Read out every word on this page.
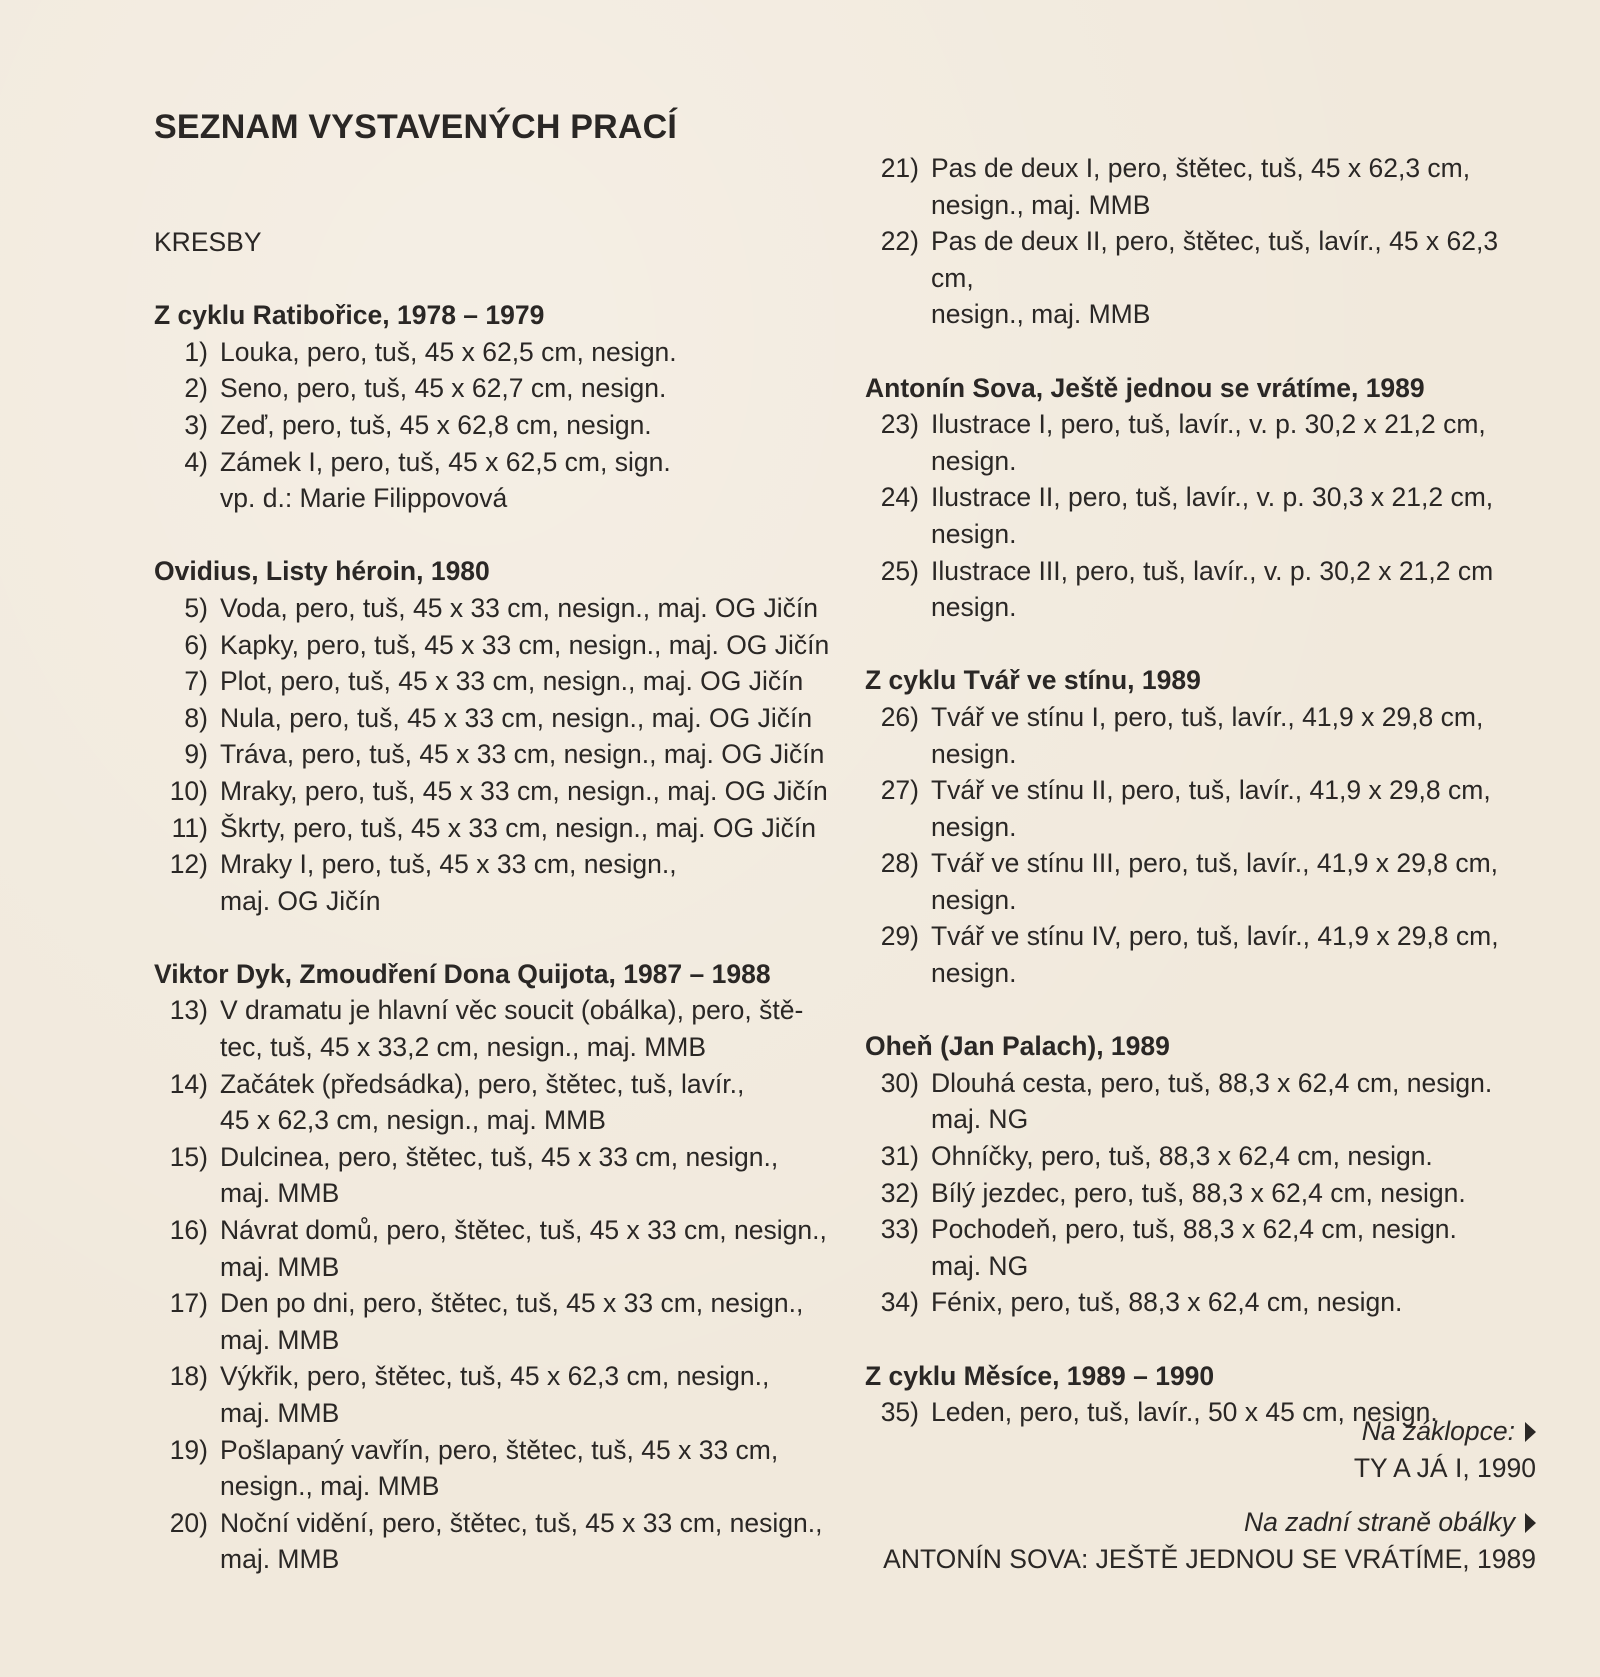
SEZNAM VYSTAVENÝCH PRACÍ
KRESBY
Z cyklu Ratibořice, 1978 – 1979
1) Louka, pero, tuš, 45 x 62,5 cm, nesign.
2) Seno, pero, tuš, 45 x 62,7 cm, nesign.
3) Zeď, pero, tuš, 45 x 62,8 cm, nesign.
4) Zámek I, pero, tuš, 45 x 62,5 cm, sign.
vp. d.: Marie Filippovová
Ovidius, Listy héroin, 1980
5) Voda, pero, tuš, 45 x 33 cm, nesign., maj. OG Jičín
6) Kapky, pero, tuš, 45 x 33 cm, nesign., maj. OG Jičín
7) Plot, pero, tuš, 45 x 33 cm, nesign., maj. OG Jičín
8) Nula, pero, tuš, 45 x 33 cm, nesign., maj. OG Jičín
9) Tráva, pero, tuš, 45 x 33 cm, nesign., maj. OG Jičín
10) Mraky, pero, tuš, 45 x 33 cm, nesign., maj. OG Jičín
11) Škrty, pero, tuš, 45 x 33 cm, nesign., maj. OG Jičín
12) Mraky I, pero, tuš, 45 x 33 cm, nesign.,
maj. OG Jičín
Viktor Dyk, Zmoudření Dona Quijota, 1987 – 1988
13) V dramatu je hlavní věc soucit (obálka), pero, ště-
tec, tuš, 45 x 33,2 cm, nesign., maj. MMB
14) Začátek (předsádka), pero, štětec, tuš, lavír.,
45 x 62,3 cm, nesign., maj. MMB
15) Dulcinea, pero, štětec, tuš, 45 x 33 cm, nesign.,
maj. MMB
16) Návrat domů, pero, štětec, tuš, 45 x 33 cm, nesign.,
maj. MMB
17) Den po dni, pero, štětec, tuš, 45 x 33 cm, nesign.,
maj. MMB
18) Výkřik, pero, štětec, tuš, 45 x 62,3 cm, nesign.,
maj. MMB
19) Pošlapaný vavřín, pero, štětec, tuš, 45 x 33 cm,
nesign., maj. MMB
20) Noční vidění, pero, štětec, tuš, 45 x 33 cm, nesign.,
maj. MMB
21) Pas de deux I, pero, štětec, tuš, 45 x 62,3 cm,
nesign., maj. MMB
22) Pas de deux II, pero, štětec, tuš, lavír., 45 x 62,3 cm,
nesign., maj. MMB
Antonín Sova, Ještě jednou se vrátíme, 1989
23) Ilustrace I, pero, tuš, lavír., v. p. 30,2 x 21,2 cm,
nesign.
24) Ilustrace II, pero, tuš, lavír., v. p. 30,3 x 21,2 cm,
nesign.
25) Ilustrace III, pero, tuš, lavír., v. p. 30,2 x 21,2 cm
nesign.
Z cyklu Tvář ve stínu, 1989
26) Tvář ve stínu I, pero, tuš, lavír., 41,9 x 29,8 cm,
nesign.
27) Tvář ve stínu II, pero, tuš, lavír., 41,9 x 29,8 cm,
nesign.
28) Tvář ve stínu III, pero, tuš, lavír., 41,9 x 29,8 cm,
nesign.
29) Tvář ve stínu IV, pero, tuš, lavír., 41,9 x 29,8 cm,
nesign.
Oheň (Jan Palach), 1989
30) Dlouhá cesta, pero, tuš, 88,3 x 62,4 cm, nesign.
maj. NG
31) Ohníčky, pero, tuš, 88,3 x 62,4 cm, nesign.
32) Bílý jezdec, pero, tuš, 88,3 x 62,4 cm, nesign.
33) Pochodeň, pero, tuš, 88,3 x 62,4 cm, nesign.
maj. NG
34) Fénix, pero, tuš, 88,3 x 62,4 cm, nesign.
Z cyklu Měsíce, 1989 – 1990
35) Leden, pero, tuš, lavír., 50 x 45 cm, nesign.
Na záklopce:
TY A JÁ I, 1990
Na zadní straně obálky
ANTONÍN SOVA: JEŠTĚ JEDNOU SE VRÁTÍME, 1989
